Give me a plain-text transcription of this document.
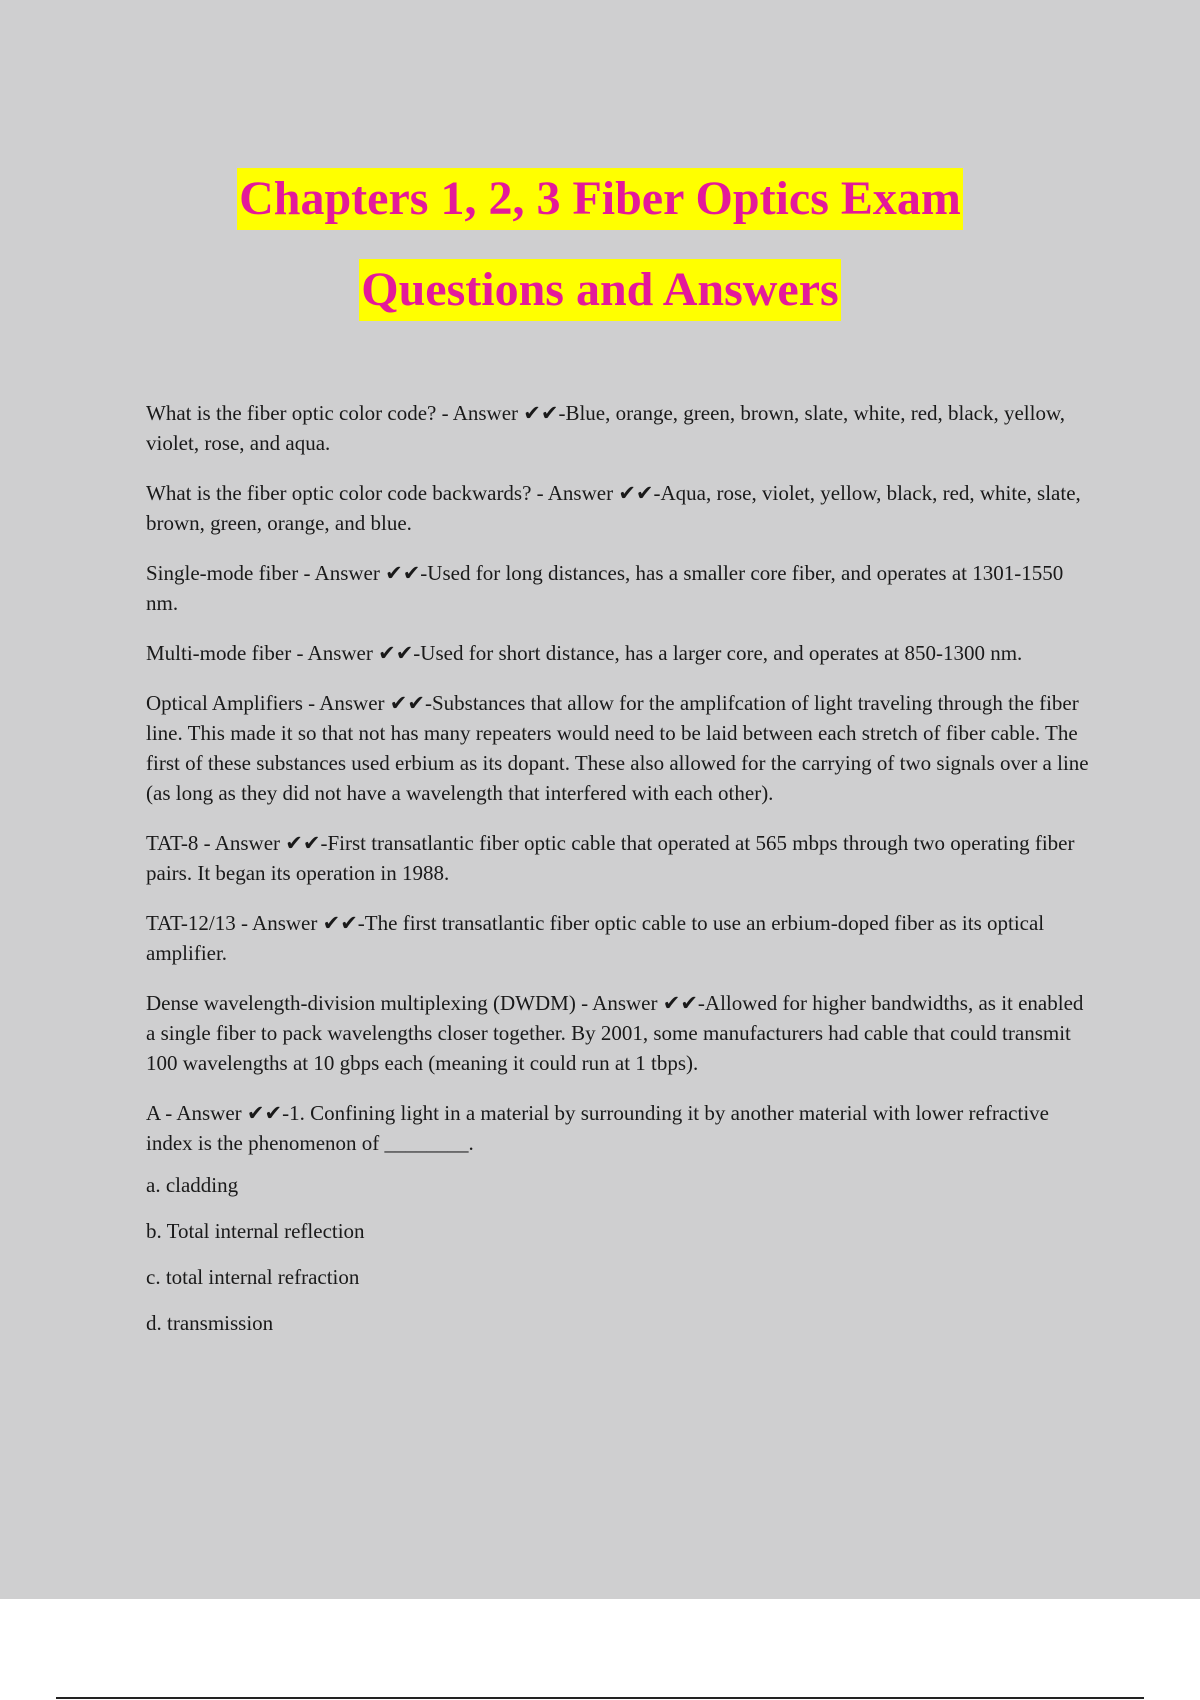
Chapters 1, 2, 3 Fiber Optics Exam
Questions and Answers

What is the fiber optic color code? - Answer ✔✔-Blue, orange, green, brown, slate, white, red, black, yellow, violet, rose, and aqua.

What is the fiber optic color code backwards? - Answer ✔✔-Aqua, rose, violet, yellow, black, red, white, slate, brown, green, orange, and blue.

Single-mode fiber - Answer ✔✔-Used for long distances, has a smaller core fiber, and operates at 1301-1550 nm.

Multi-mode fiber - Answer ✔✔-Used for short distance, has a larger core, and operates at 850-1300 nm.

Optical Amplifiers - Answer ✔✔-Substances that allow for the amplifcation of light traveling through the fiber line. This made it so that not has many repeaters would need to be laid between each stretch of fiber cable. The first of these substances used erbium as its dopant. These also allowed for the carrying of two signals over a line (as long as they did not have a wavelength that interfered with each other).

TAT-8 - Answer ✔✔-First transatlantic fiber optic cable that operated at 565 mbps through two operating fiber pairs. It began its operation in 1988.

TAT-12/13 - Answer ✔✔-The first transatlantic fiber optic cable to use an erbium-doped fiber as its optical amplifier.

Dense wavelength-division multiplexing (DWDM) - Answer ✔✔-Allowed for higher bandwidths, as it enabled a single fiber to pack wavelengths closer together. By 2001, some manufacturers had cable that could transmit 100 wavelengths at 10 gbps each (meaning it could run at 1 tbps).

A - Answer ✔✔-1. Confining light in a material by surrounding it by another material with lower refractive index is the phenomenon of ________.

a. cladding

b. Total internal reflection

c. total internal refraction

d. transmission
